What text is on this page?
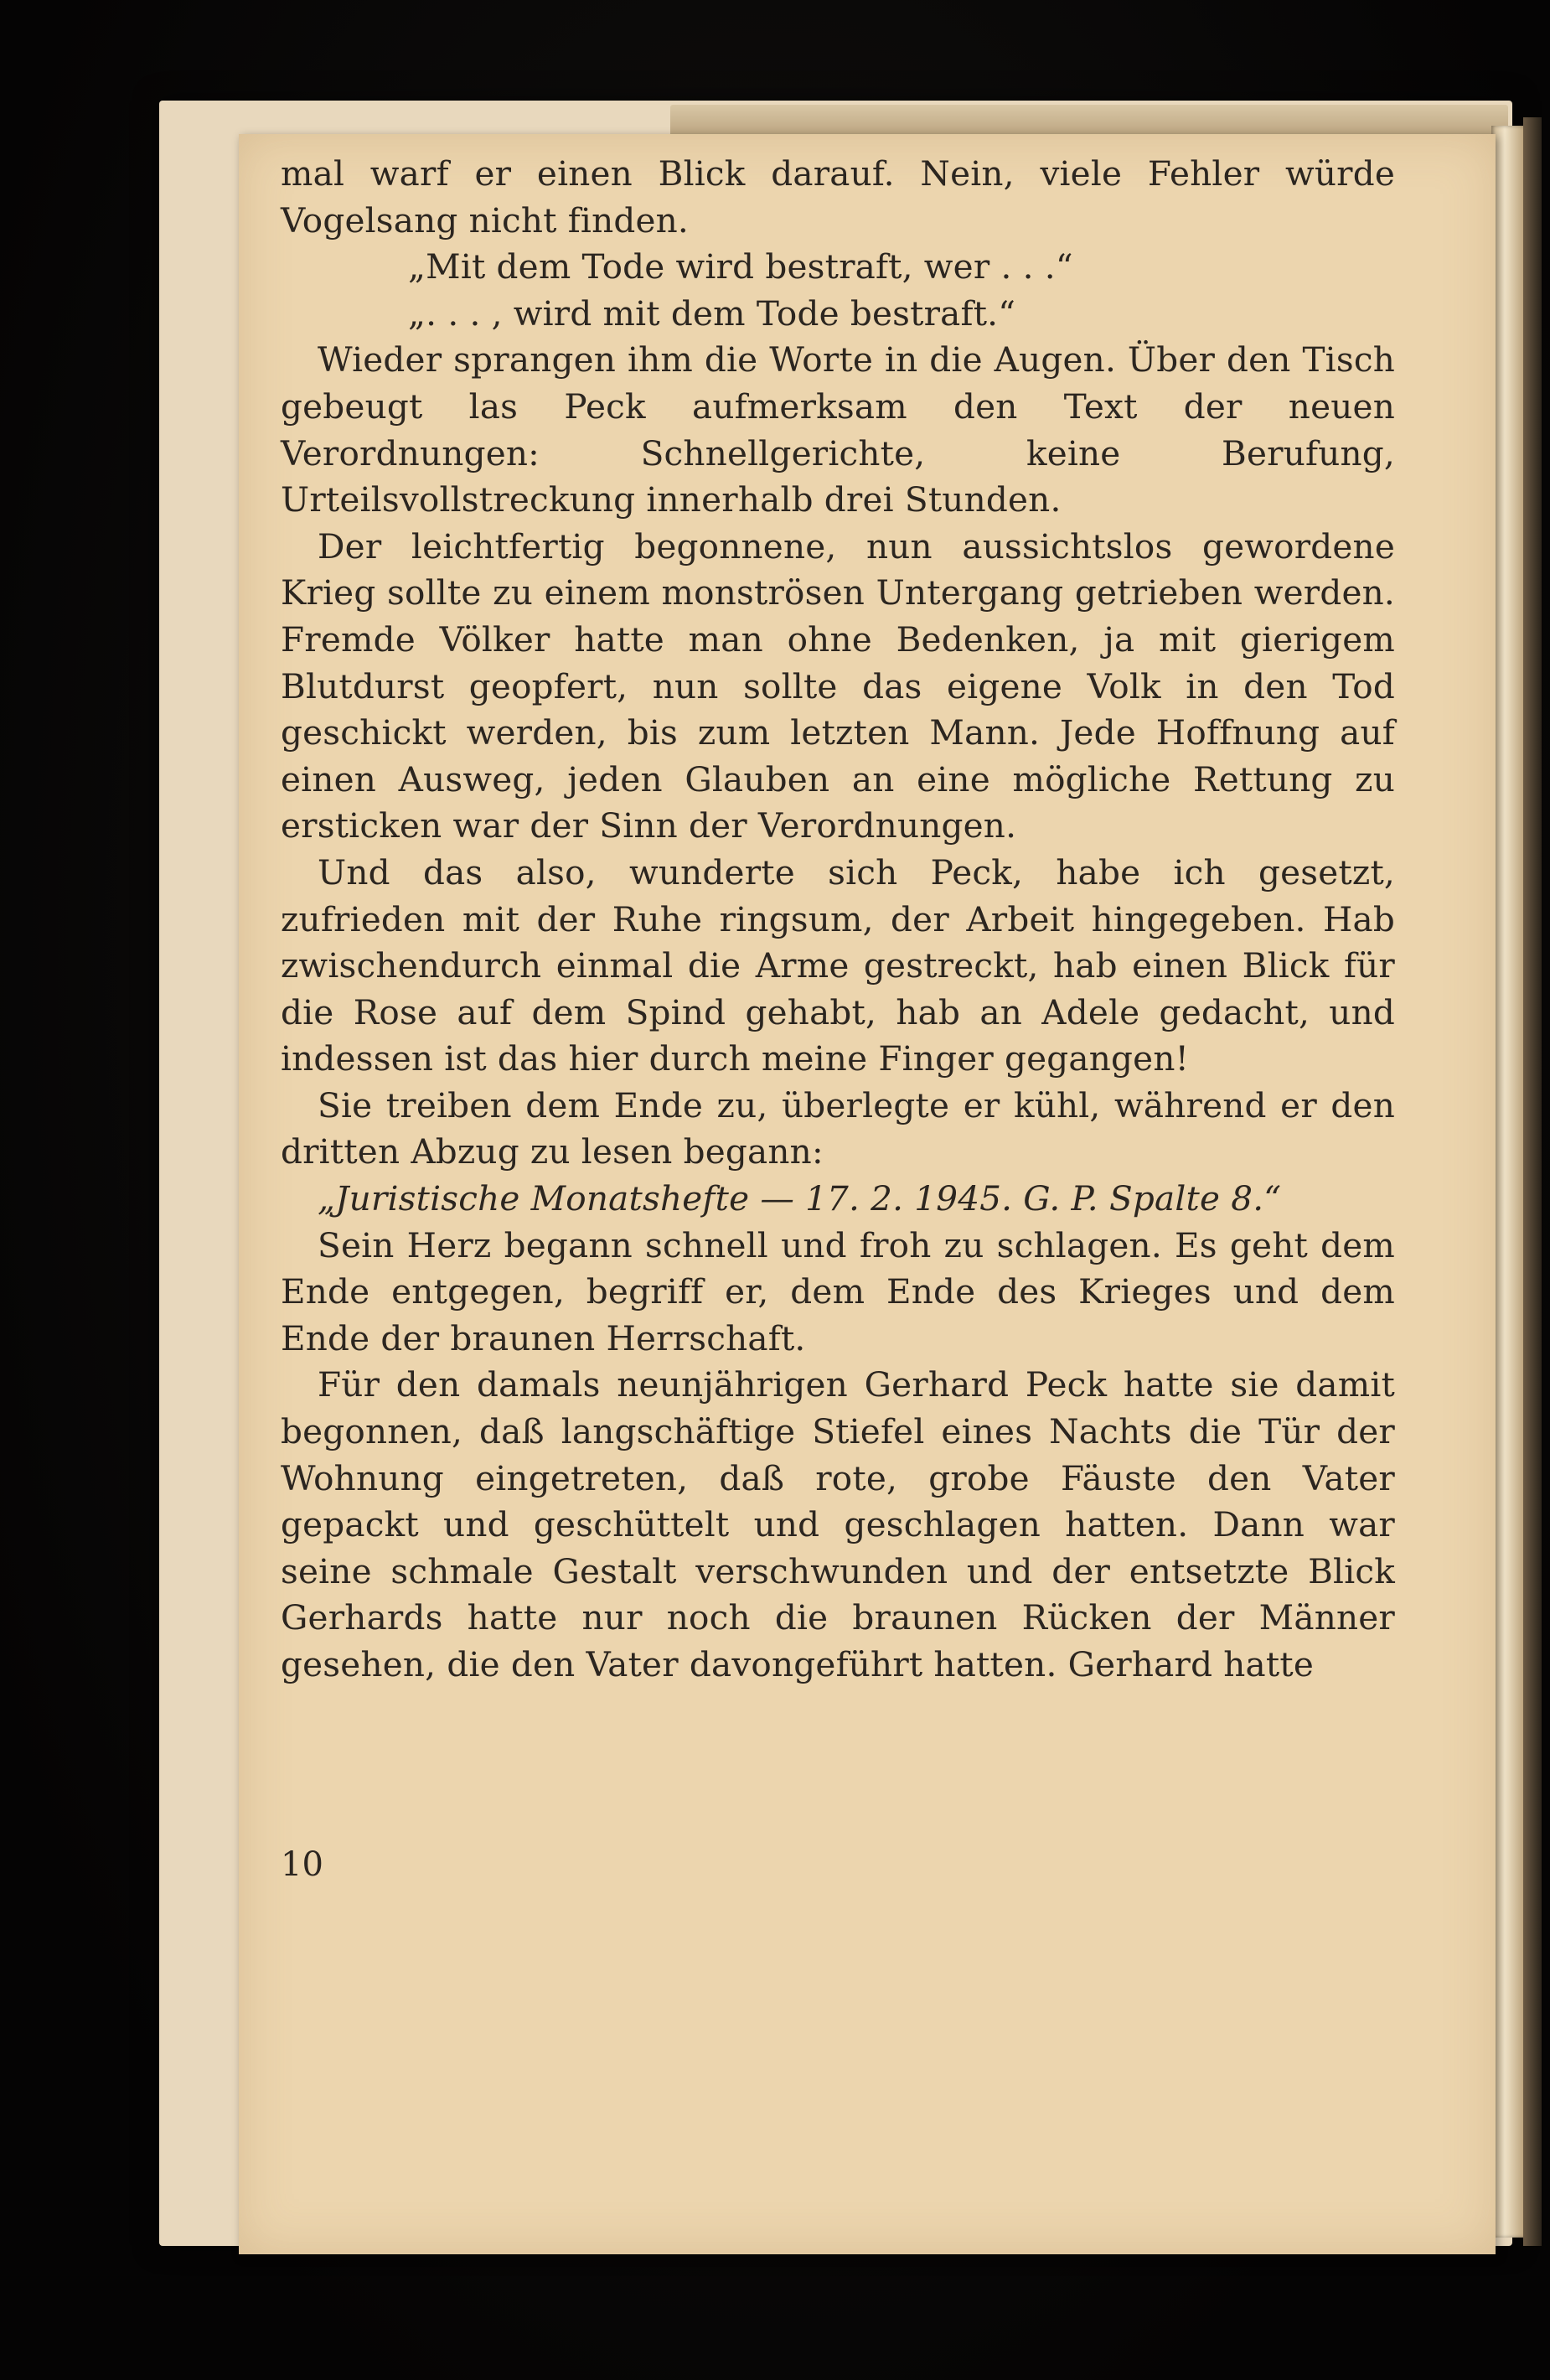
mal warf er einen Blick darauf. Nein, viele Fehler würde Vogelsang nicht finden.

„Mit dem Tode wird bestraft, wer . . .“

„. . . , wird mit dem Tode bestraft.“

Wieder sprangen ihm die Worte in die Augen. Über den Tisch gebeugt las Peck aufmerksam den Text der neuen Verordnungen: Schnellgerichte, keine Berufung, Urteilsvollstreckung innerhalb drei Stunden.

Der leichtfertig begonnene, nun aussichtslos gewordene Krieg sollte zu einem monströsen Untergang getrieben werden. Fremde Völker hatte man ohne Bedenken, ja mit gierigem Blutdurst geopfert, nun sollte das eigene Volk in den Tod geschickt werden, bis zum letzten Mann. Jede Hoffnung auf einen Ausweg, jeden Glauben an eine mögliche Rettung zu ersticken war der Sinn der Verordnungen.

Und das also, wunderte sich Peck, habe ich gesetzt, zufrieden mit der Ruhe ringsum, der Arbeit hingegeben. Hab zwischendurch einmal die Arme gestreckt, hab einen Blick für die Rose auf dem Spind gehabt, hab an Adele gedacht, und indessen ist das hier durch meine Finger gegangen!

Sie treiben dem Ende zu, überlegte er kühl, während er den dritten Abzug zu lesen begann:

„Juristische Monatshefte — 17. 2. 1945. G. P. Spalte 8.“

Sein Herz begann schnell und froh zu schlagen. Es geht dem Ende entgegen, begriff er, dem Ende des Krieges und dem Ende der braunen Herrschaft.

Für den damals neunjährigen Gerhard Peck hatte sie damit begonnen, daß langschäftige Stiefel eines Nachts die Tür der Wohnung eingetreten, daß rote, grobe Fäuste den Vater gepackt und geschüttelt und geschlagen hatten. Dann war seine schmale Gestalt verschwunden und der entsetzte Blick Gerhards hatte nur noch die braunen Rücken der Männer gesehen, die den Vater davongeführt hatten. Gerhard hatte

10
